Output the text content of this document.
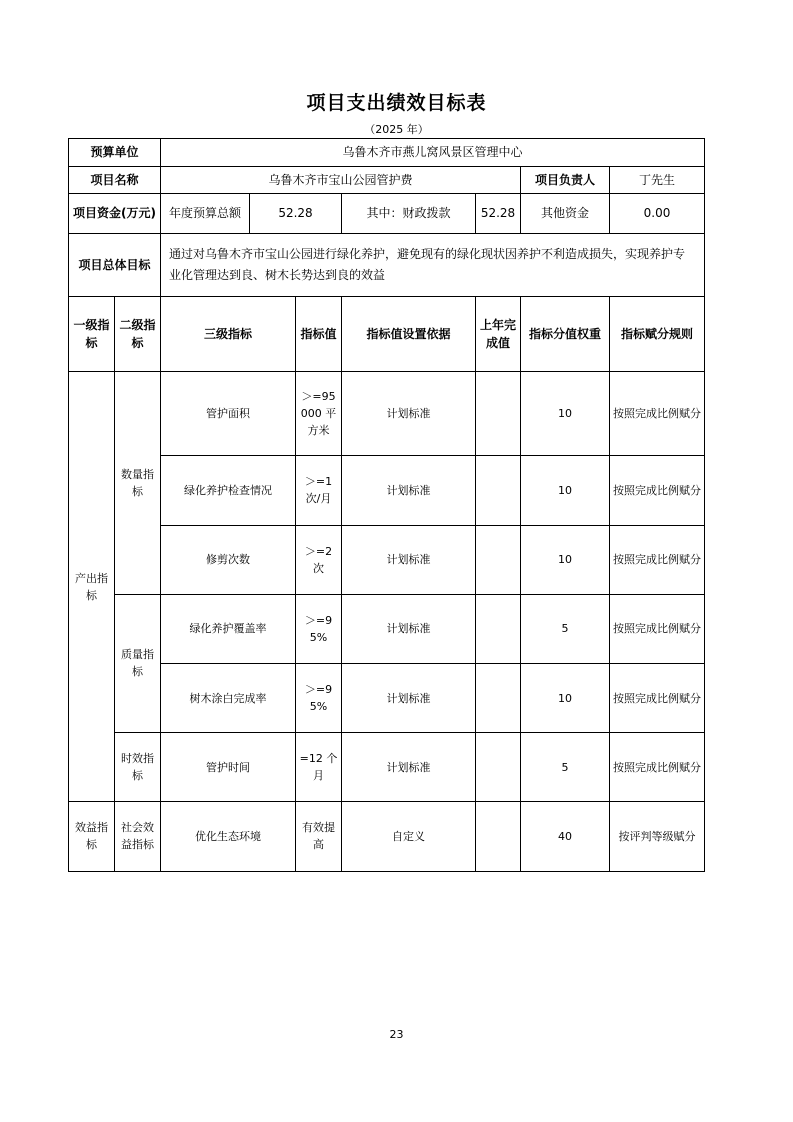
项目支出绩效目标表
（2025 年）
预算单位		乌鲁木齐市燕儿窝风景区管理中心							
项目名称		乌鲁木齐市宝山公园管护费					项目负责人	丁先生	
项目资金(万元)		年度预算总额	52.28		其中：财政拨款	52.28	其他资金	0.00	
项目总体目标		通过对乌鲁木齐市宝山公园进行绿化养护，避免现有的绿化现状因养护不利造成损失，实现养护专业化管理达到良、树木长势达到良的效益							
一级指标	二级指标	三级指标		指标值	指标值设置依据	上年完成值	指标分值权重	指标赋分规则	
产出指标	数量指标	管护面积		＞=95000 平方米	计划标准		10	按照完成比例赋分	
		绿化养护检查情况		＞=1 次/月	计划标准		10	按照完成比例赋分	
		修剪次数		＞=2 次	计划标准		10	按照完成比例赋分	
	质量指标	绿化养护覆盖率		＞=95%	计划标准		5	按照完成比例赋分	
		树木涂白完成率		＞=95%	计划标准		10	按照完成比例赋分	
	时效指标	管护时间		=12 个月	计划标准		5	按照完成比例赋分	
效益指标	社会效益指标	优化生态环境		有效提高	自定义		40	按评判等级赋分	
23
